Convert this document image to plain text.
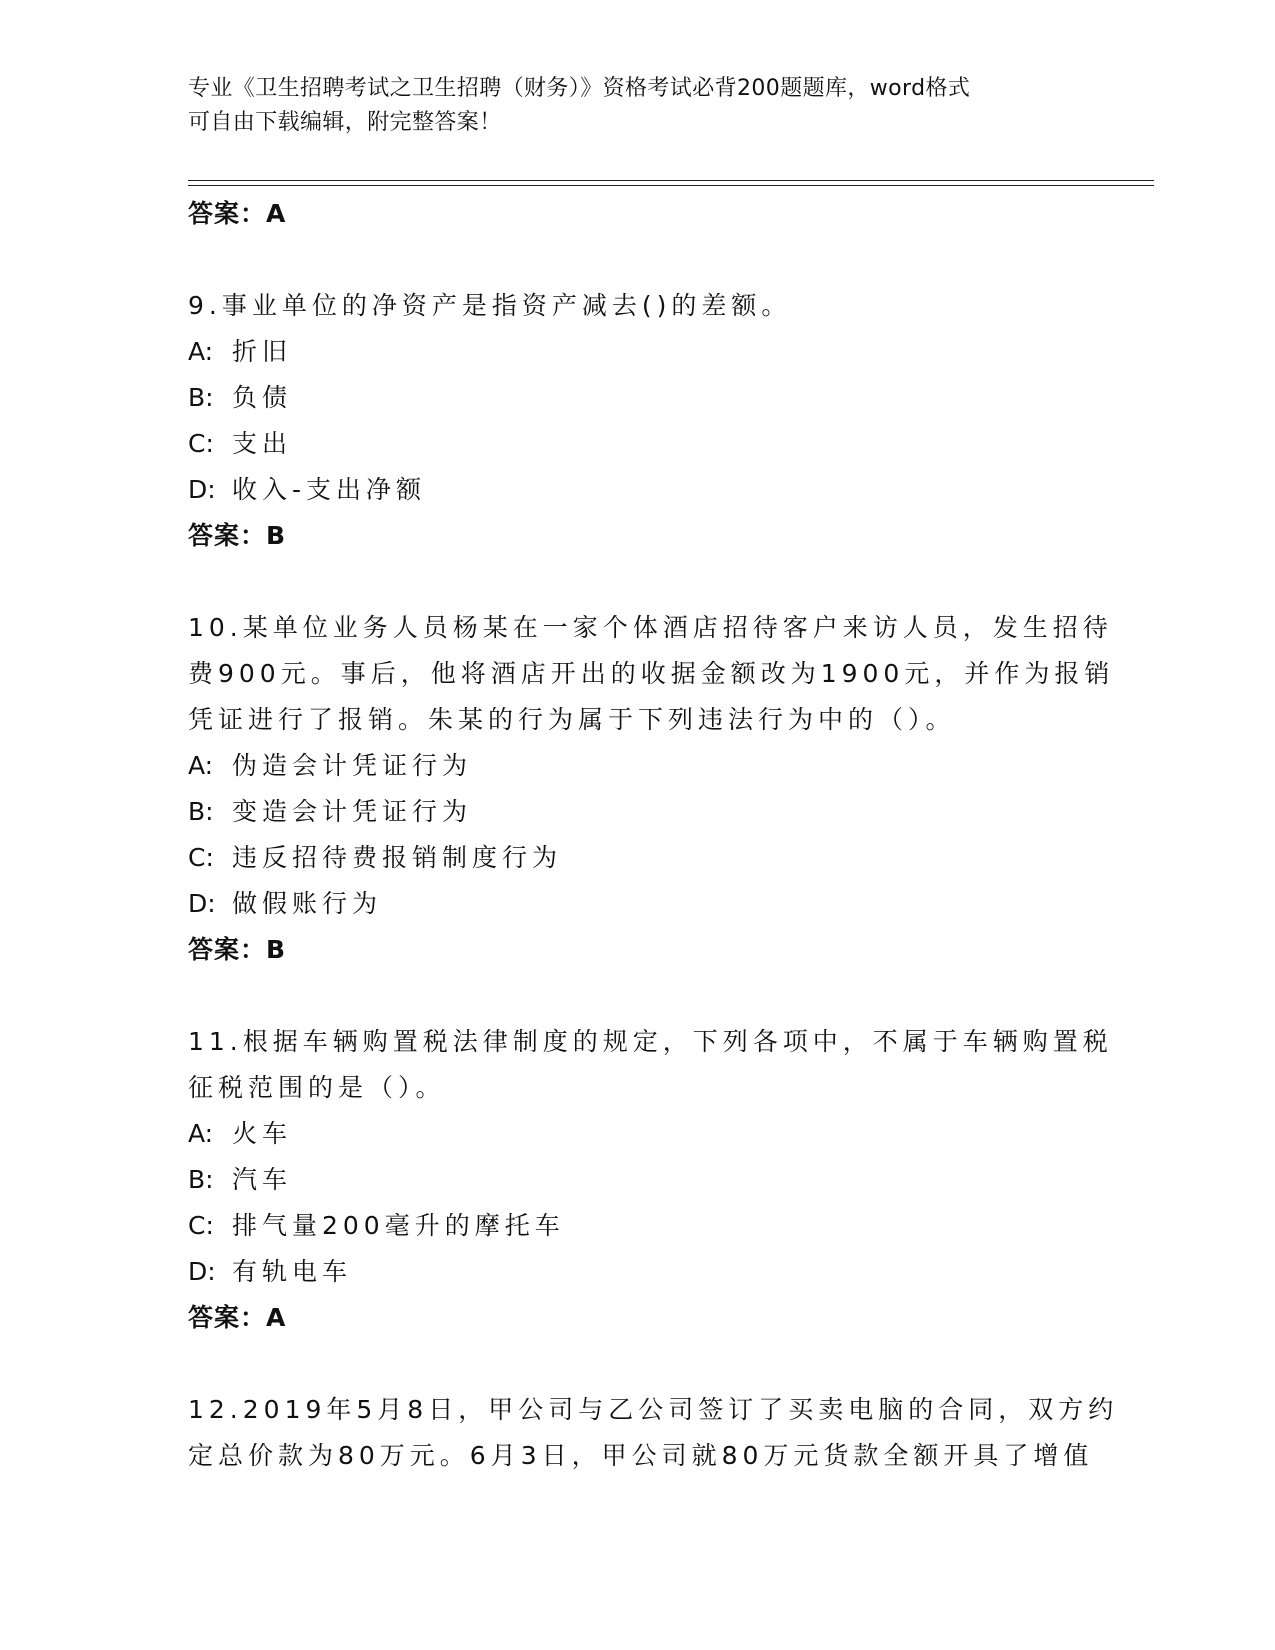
专业《卫生招聘考试之卫生招聘（财务）》资格考试必背200题题库，word格式
可自由下载编辑，附完整答案！
答案：A
9.事业单位的净资产是指资产减去()的差额。
A: 折旧
B: 负债
C: 支出
D: 收入-支出净额
答案：B
10.某单位业务人员杨某在一家个体酒店招待客户来访人员，发生招待
费900元。事后，他将酒店开出的收据金额改为1900元，并作为报销
凭证进行了报销。朱某的行为属于下列违法行为中的（）。
A: 伪造会计凭证行为
B: 变造会计凭证行为
C: 违反招待费报销制度行为
D: 做假账行为
答案：B
11.根据车辆购置税法律制度的规定，下列各项中，不属于车辆购置税
征税范围的是（）。
A: 火车
B: 汽车
C: 排气量200毫升的摩托车
D: 有轨电车
答案：A
12.2019年5月8日，甲公司与乙公司签订了买卖电脑的合同，双方约
定总价款为80万元。6月3日，甲公司就80万元货款全额开具了增值
